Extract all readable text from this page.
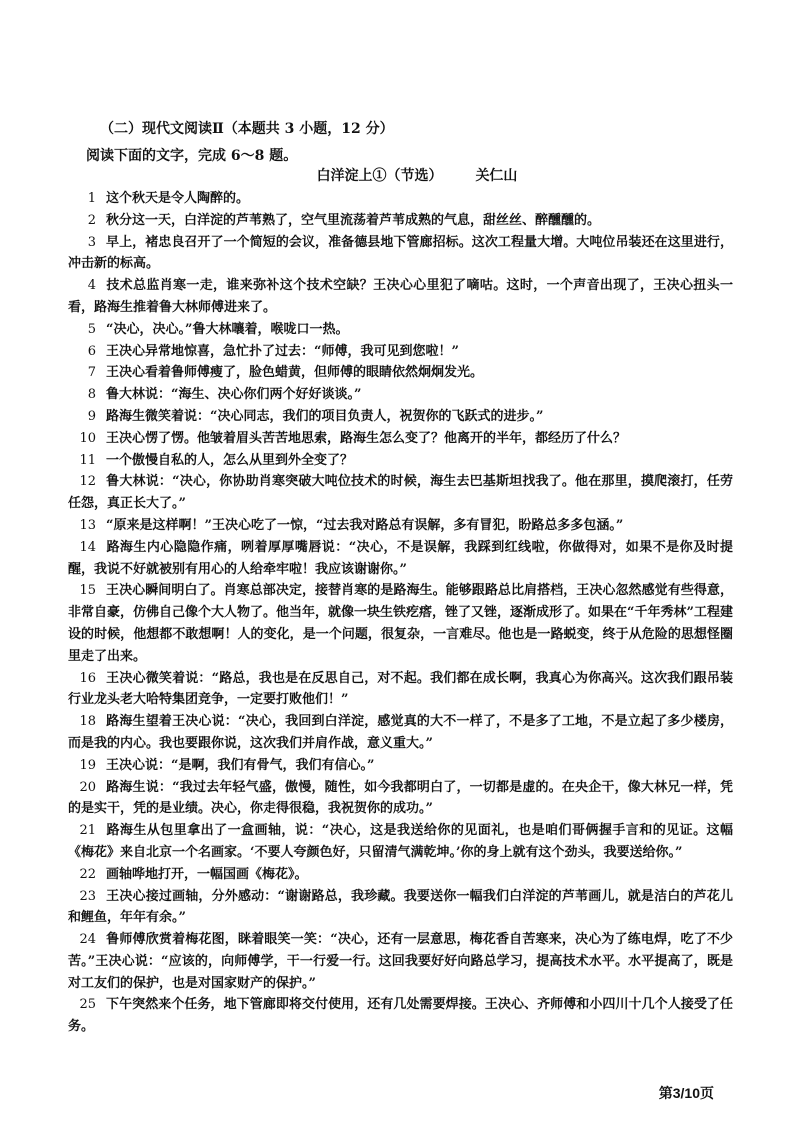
（二）现代文阅读Ⅱ（本题共 3 小题，12 分）
阅读下面的文字，完成 6～8 题。
白洋淀上①（节选） 关仁山

1 这个秋天是令人陶醉的。

2 秋分这一天，白洋淀的芦苇熟了，空气里流荡着芦苇成熟的气息，甜丝丝、醉醺醺的。

3 早上，褚忠良召开了一个简短的会议，准备德县地下管廊招标。这次工程量大增。大吨位吊装还在这里进行，冲击新的标高。

4 技术总监肖寒一走，谁来弥补这个技术空缺？王决心心里犯了嘀咕。这时，一个声音出现了，王决心扭头一看，路海生推着鲁大林师傅进来了。

5 “决心，决心。”鲁大林嚷着，喉咙口一热。

6 王决心异常地惊喜，急忙扑了过去：“师傅，我可见到您啦！”

7 王决心看着鲁师傅瘦了，脸色蜡黄，但师傅的眼睛依然炯炯发光。

8 鲁大林说：“海生、决心你们两个好好谈谈。”

9 路海生微笑着说：“决心同志，我们的项目负责人，祝贺你的飞跃式的进步。”

10 王决心愣了愣。他皱着眉头苦苦地思索，路海生怎么变了？他离开的半年，都经历了什么？

11 一个傲慢自私的人，怎么从里到外全变了？

12 鲁大林说：“决心，你协助肖寒突破大吨位技术的时候，海生去巴基斯坦找我了。他在那里，摸爬滚打，任劳任怨，真正长大了。”

13 “原来是这样啊！”王决心吃了一惊，“过去我对路总有误解，多有冒犯，盼路总多多包涵。”

14 路海生内心隐隐作痛，咧着厚厚嘴唇说：“决心，不是误解，我踩到红线啦，你做得对，如果不是你及时提醒，我说不好就被别有用心的人给牵牢啦！我应该谢谢你。”

15 王决心瞬间明白了。肖寒总部决定，接替肖寒的是路海生。能够跟路总比肩搭档，王决心忽然感觉有些得意，非常自豪，仿佛自己像个大人物了。他当年，就像一块生铁疙瘩，锉了又锉，逐渐成形了。如果在“千年秀林”工程建设的时候，他想都不敢想啊！人的变化，是一个问题，很复杂，一言难尽。他也是一路蜕变，终于从危险的思想怪圈里走了出来。

16 王决心微笑着说：“路总，我也是在反思自己，对不起。我们都在成长啊，我真心为你高兴。这次我们跟吊装行业龙头老大哈特集团竞争，一定要打败他们！”

18 路海生望着王决心说：“决心，我回到白洋淀，感觉真的大不一样了，不是多了工地，不是立起了多少楼房，而是我的内心。我也要跟你说，这次我们并肩作战，意义重大。”

19 王决心说：“是啊，我们有骨气，我们有信心。”

20 路海生说：“我过去年轻气盛，傲慢，随性，如今我都明白了，一切都是虚的。在央企干，像大林兄一样，凭的是实干，凭的是业绩。决心，你走得很稳，我祝贺你的成功。”

21 路海生从包里拿出了一盒画轴，说：“决心，这是我送给你的见面礼，也是咱们哥俩握手言和的见证。这幅《梅花》来自北京一个名画家。‘不要人夸颜色好，只留清气满乾坤。’你的身上就有这个劲头，我要送给你。”

22 画轴哗地打开，一幅国画《梅花》。

23 王决心接过画轴，分外感动：“谢谢路总，我珍藏。我要送你一幅我们白洋淀的芦苇画儿，就是洁白的芦花儿和鲤鱼，年年有余。”

24 鲁师傅欣赏着梅花图，眯着眼笑一笑：“决心，还有一层意思，梅花香自苦寒来，决心为了练电焊，吃了不少苦。”王决心说：“应该的，向师傅学，干一行爱一行。这回我要好好向路总学习，提高技术水平。水平提高了，既是对工友们的保护，也是对国家财产的保护。”

25 下午突然来个任务，地下管廊即将交付使用，还有几处需要焊接。王决心、齐师傅和小四川十几个人接受了任务。

第3/10页
